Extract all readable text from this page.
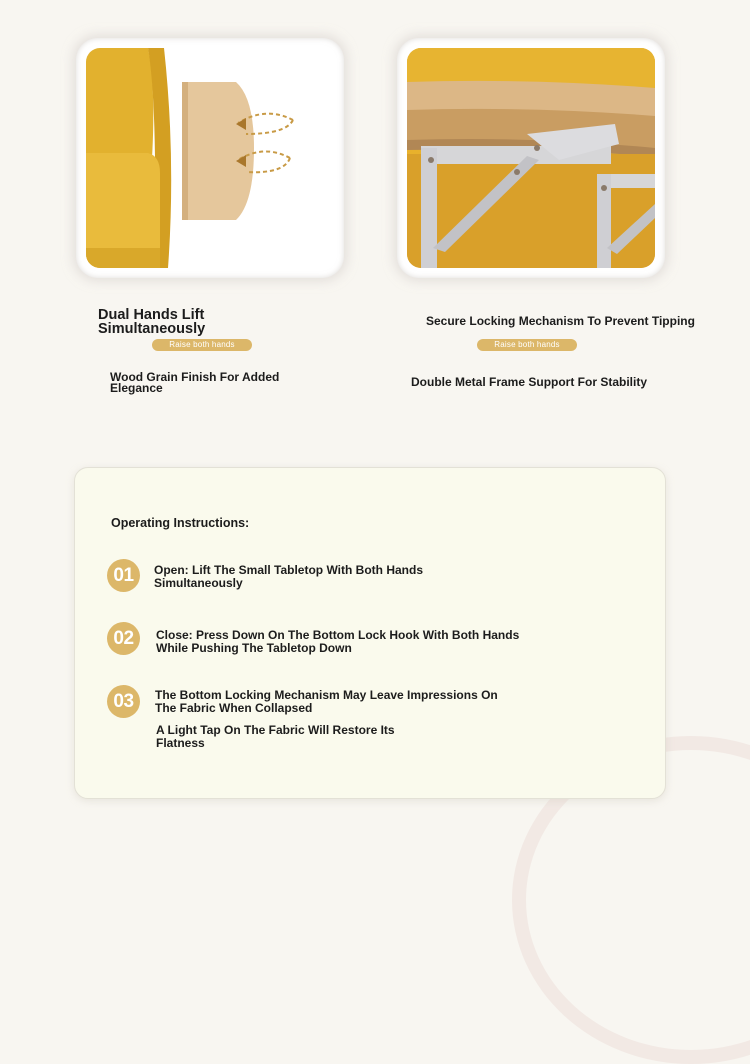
Dual Hands Lift Simultaneously
Raise both hands

Wood Grain Finish For Added Elegance

Secure Locking Mechanism To Prevent Tipping
Raise both hands

Double Metal Frame Support For Stability

Operating Instructions:
01	Open: Lift The Small Tabletop With Both Hands Simultaneously

02	Close: Press Down On The Bottom Lock Hook With Both Hands While Pushing The Tabletop Down

03	The Bottom Locking Mechanism May Leave Impressions On The Fabric When Collapsed

A Light Tap On The Fabric Will Restore Its Flatness
